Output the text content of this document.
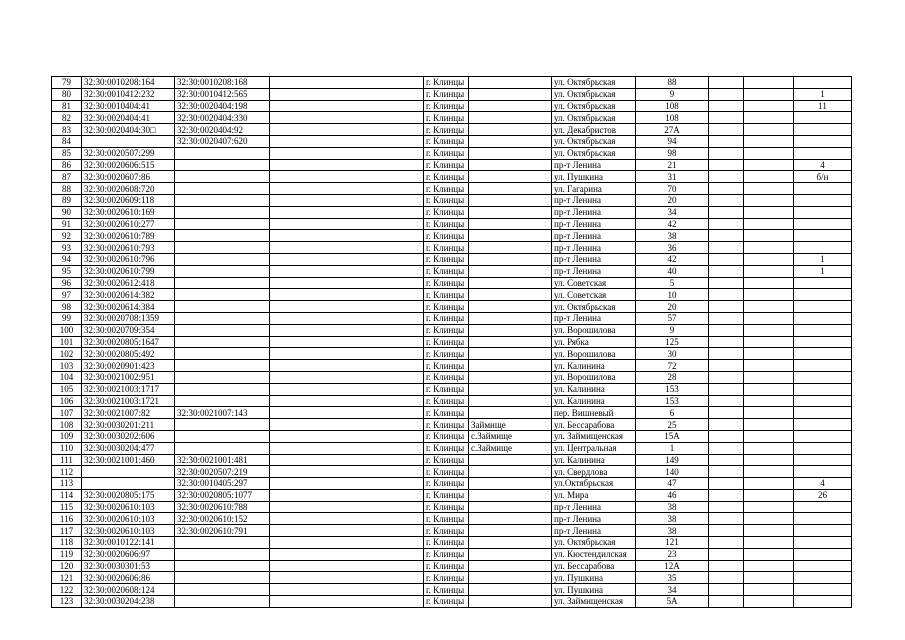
79	32:30:0010208:164	32:30:0010208:168		г. Клинцы		ул. Октябрьская	88			
80	32:30:0010412:232	32:30:0010412:565		г. Клинцы		ул. Октябрьская	9			1
81	32:30:0010404:41	32:30:0020404:198		г. Клинцы		ул. Октябрьская	108			11
82	32:30:0020404:41	32:30:0020404:330		г. Клинцы		ул. Октябрьская	108			
83	32:30:0020404:30□	32:30:0020404:92		г. Клинцы		ул. Декабристов	27А			
84		32:30:0020407:620		г. Клинцы		ул. Октябрьская	94			
85	32:30:0020507:299			г. Клинцы		ул. Октябрьская	98			
86	32:30:0020606:515			г. Клинцы		пр-т Ленина	21			4
87	32:30:0020607:86			г. Клинцы		ул. Пушкина	31			б/н
88	32:30:0020608:720			г. Клинцы		ул. Гагарина	70			
89	32:30:0020609:118			г. Клинцы		пр-т Ленина	20			
90	32:30:0020610:169			г. Клинцы		пр-т Ленина	34			
91	32:30:0020610:277			г. Клинцы		пр-т Ленина	42			
92	32:30:0020610:789			г. Клинцы		пр-т Ленина	38			
93	32:30:0020610:793			г. Клинцы		пр-т Ленина	36			
94	32:30:0020610:796			г. Клинцы		пр-т Ленина	42			1
95	32:30:0020610:799			г. Клинцы		пр-т Ленина	40			1
96	32:30:0020612:418			г. Клинцы		ул. Советская	5			
97	32:30:0020614:382			г. Клинцы		ул. Советская	10			
98	32:30:0020614:384			г. Клинцы		ул. Октябрьская	20			
99	32:30:0020708:1359			г. Клинцы		пр-т Ленина	57			
100	32:30:0020709:354			г. Клинцы		ул. Ворошилова	9			
101	32:30:0020805:1647			г. Клинцы		ул. Рябка	125			
102	32:30:0020805:492			г. Клинцы		ул. Ворошилова	30			
103	32:30:0020901:423			г. Клинцы		ул. Калинина	72			
104	32:30:0021002:951			г. Клинцы		ул. Ворошилова	28			
105	32:30:0021003:1717			г. Клинцы		ул. Калинина	153			
106	32:30:0021003:1721			г. Клинцы		ул. Калинина	153			
107	32:30:0021007:82	32:30:0021007:143		г. Клинцы		пер. Вишневый	6			
108	32:30:0030201:211			г. Клинцы	Займище	ул. Бессарабова	25			
109	32:30:0030202:606			г. Клинцы	с.Займище	ул. Займищенская	15А			
110	32:30:0030204:477			г. Клинцы	с.Займище	ул. Центральная	1			
111	32:30:0021001:460	32:30:0021001:481		г. Клинцы		ул. Калинина	149			
112		32:30:0020507:219		г. Клинцы		ул. Свердлова	140			
113		32:30:0010405:297		г. Клинцы		ул.Октябрьская	47			4
114	32:30:0020805:175	32:30:0020805:1077		г. Клинцы		ул. Мира	46			26
115	32:30:0020610:103	32:30:0020610:788		г. Клинцы		пр-т Ленина	38			
116	32:30:0020610:103	32:30:0020610:152		г. Клинцы		пр-т Ленина	38			
117	32:30:0020610:103	32:30:0020610:791		г. Клинцы		пр-т Ленина	38			
118	32:30:0010122:141			г. Клинцы		ул. Октябрьская	121			
119	32:30:0020606:97			г. Клинцы		ул. Кюстендилская	23			
120	32:30:0030301:53			г. Клинцы		ул. Бессарабова	12А			
121	32:30:0020606:86			г. Клинцы		ул. Пушкина	35			
122	32:30:0020608:124			г. Клинцы		ул. Пушкина	34			
123	32:30:0030204:238			г. Клинцы		ул. Займищенская	5А			
